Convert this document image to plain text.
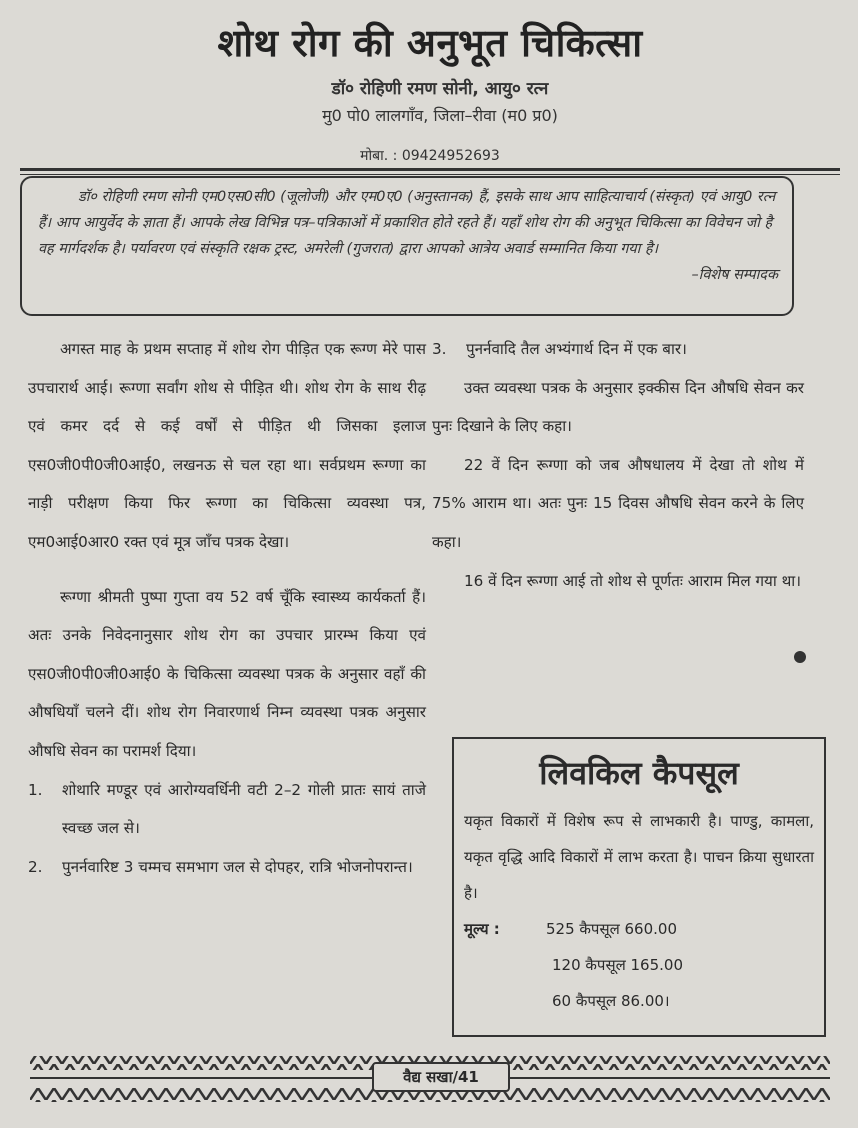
शोथ रोग की अनुभूत चिकित्सा
डॉ० रोहिणी रमण सोनी, आयु० रत्न
मु0 पो0 लालगाँव, जिला–रीवा (म0 प्र0)
मोबा. : 09424952693

डॉ० रोहिणी रमण सोनी एम0एस0सी0 (जूलोजी) और एम0ए0 (अनुस्तानक) हैं, इसके साथ आप साहित्याचार्य (संस्कृत) एवं आयु0 रत्न हैं। आप आयुर्वेद के ज्ञाता हैं। आपके लेख विभिन्न पत्र–पत्रिकाओं में प्रकाशित होते रहते हैं। यहाँ शोथ रोग की अनुभूत चिकित्सा का विवेचन जो है वह मार्गदर्शक है। पर्यावरण एवं संस्कृति रक्षक ट्रस्ट, अमरेली (गुजरात) द्वारा आपको आत्रेय अवार्ड सम्मानित किया गया है।

–विशेष सम्पादक

अगस्त माह के प्रथम सप्ताह में शोथ रोग पीड़ित एक रूग्ण मेरे पास उपचारार्थ आई। रूग्णा सर्वांग शोथ से पीड़ित थी। शोथ रोग के साथ रीढ़ एवं कमर दर्द से कई वर्षों से पीड़ित थी जिसका इलाज एस0जी0पी0जी0आई0, लखनऊ से चल रहा था। सर्वप्रथम रूग्णा का नाड़ी परीक्षण किया फिर रूग्णा का चिकित्सा व्यवस्था पत्र, एम0आई0आर0 रक्त एवं मूत्र जाँच पत्रक देखा।

रूग्णा श्रीमती पुष्पा गुप्ता वय 52 वर्ष चूँकि स्वास्थ्य कार्यकर्ता हैं। अतः उनके निवेदनानुसार शोथ रोग का उपचार प्रारम्भ किया एवं एस0जी0पी0जी0आई0 के चिकित्सा व्यवस्था पत्रक के अनुसार वहाँ की औषधियाँ चलने दीं। शोथ रोग निवारणार्थ निम्न व्यवस्था पत्रक अनुसार औषधि सेवन का परामर्श दिया।

1.	शोथारि मण्डूर एवं आरोग्यवर्धिनी वटी 2–2 गोली प्रातः सायं ताजे स्वच्छ जल से।
2.	पुनर्नवारिष्ट 3 चम्मच समभाग जल से दोपहर, रात्रि भोजनोपरान्त।
3.	पुनर्नवादि तैल अभ्यंगार्थ दिन में एक बार।

उक्त व्यवस्था पत्रक के अनुसार इक्कीस दिन औषधि सेवन कर पुनः दिखाने के लिए कहा।

22 वें दिन रूग्णा को जब औषधालय में देखा तो शोथ में 75% आराम था। अतः पुनः 15 दिवस औषधि सेवन करने के लिए कहा।

16 वें दिन रूग्णा आई तो शोथ से पूर्णतः आराम मिल गया था।

लिवकिल कैपसूल

यकृत विकारों में विशेष रूप से लाभकारी है। पाण्डु, कामला, यकृत वृद्धि आदि विकारों में लाभ करता है। पाचन क्रिया सुधारता है।

मूल्य :	525 कैपसूल 660.00
120 कैपसूल 165.00
60 कैपसूल 86.00।
वैद्य सखा/41
